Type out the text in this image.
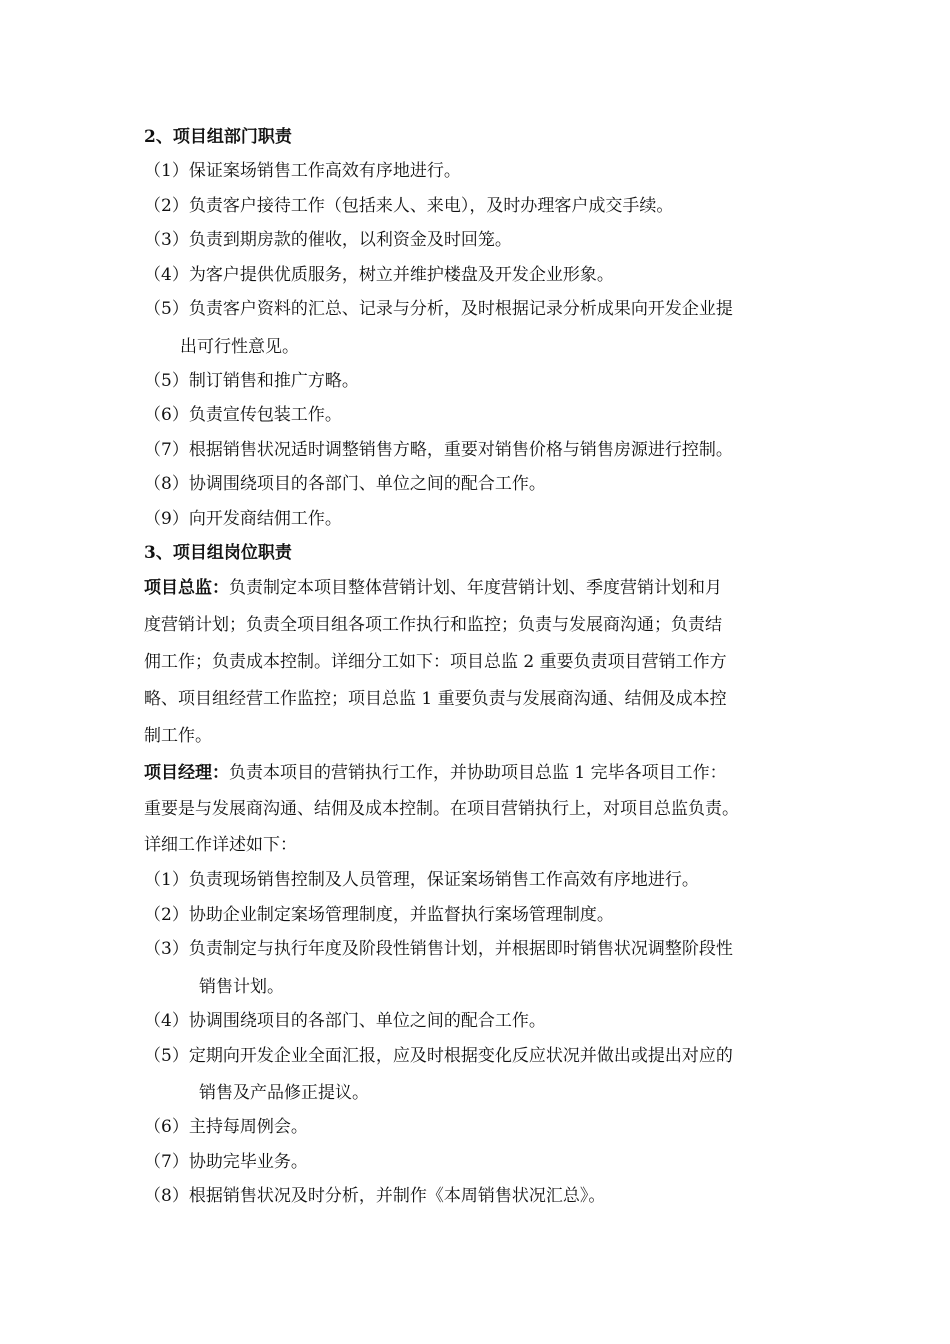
2、项目组部门职责
（1）保证案场销售工作高效有序地进行。
（2）负责客户接待工作（包括来人、来电），及时办理客户成交手续。
（3）负责到期房款的催收，以利资金及时回笼。
（4）为客户提供优质服务，树立并维护楼盘及开发企业形象。
（5）负责客户资料的汇总、记录与分析，及时根据记录分析成果向开发企业提
出可行性意见。
（5）制订销售和推广方略。
（6）负责宣传包装工作。
（7）根据销售状况适时调整销售方略，重要对销售价格与销售房源进行控制。
（8）协调围绕项目的各部门、单位之间的配合工作。
（9）向开发商结佣工作。
3、项目组岗位职责
项目总监：负责制定本项目整体营销计划、年度营销计划、季度营销计划和月
度营销计划；负责全项目组各项工作执行和监控；负责与发展商沟通；负责结
佣工作；负责成本控制。详细分工如下：项目总监 2 重要负责项目营销工作方
略、项目组经营工作监控；项目总监 1 重要负责与发展商沟通、结佣及成本控
制工作。
项目经理：负责本项目的营销执行工作，并协助项目总监 1 完毕各项目工作：
重要是与发展商沟通、结佣及成本控制。在项目营销执行上，对项目总监负责。
详细工作详述如下：
（1）负责现场销售控制及人员管理，保证案场销售工作高效有序地进行。
（2）协助企业制定案场管理制度，并监督执行案场管理制度。
（3）负责制定与执行年度及阶段性销售计划，并根据即时销售状况调整阶段性
销售计划。
（4）协调围绕项目的各部门、单位之间的配合工作。
（5）定期向开发企业全面汇报，应及时根据变化反应状况并做出或提出对应的
销售及产品修正提议。
（6）主持每周例会。
（7）协助完毕业务。
（8）根据销售状况及时分析，并制作《本周销售状况汇总》。
